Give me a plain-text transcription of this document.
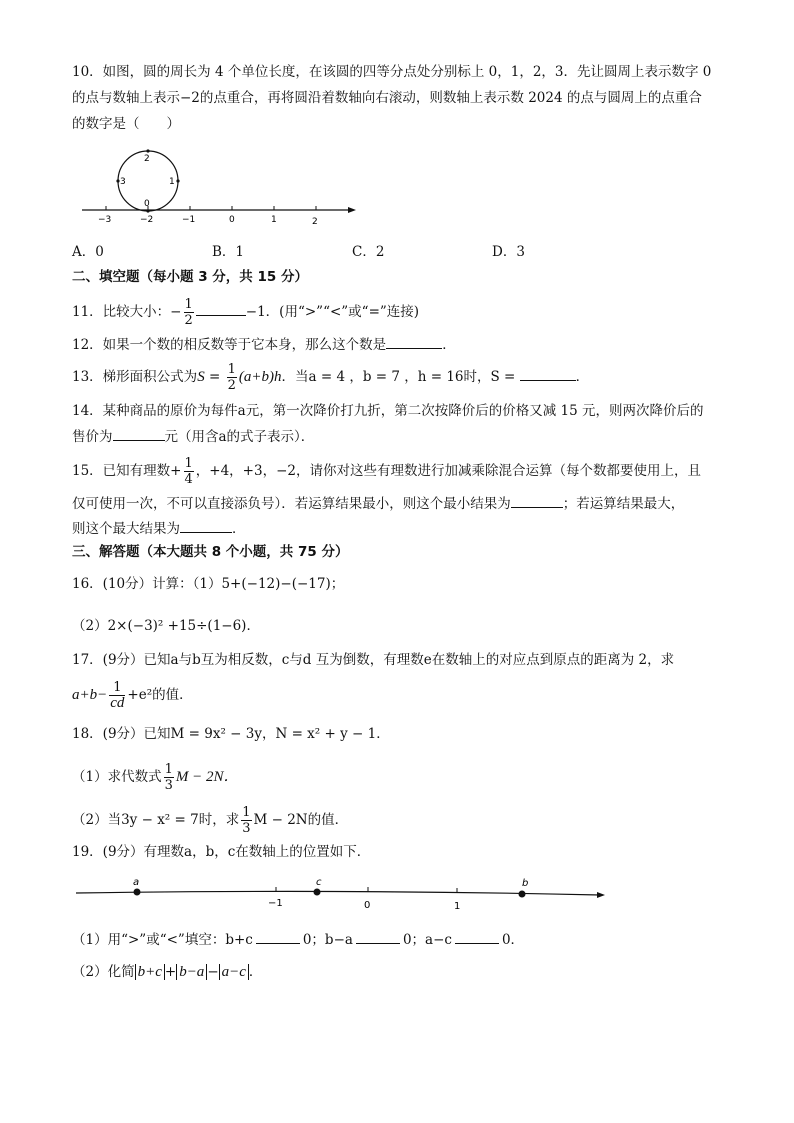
10．如图，圆的周长为 4 个单位长度，在该圆的四等分点处分别标上 0，1，2，3．先让圆周上表示数字 0
的点与数轴上表示−2的点重合，再将圆沿着数轴向右滚动，则数轴上表示数 2024 的点与圆周上的点重合
的数字是（　　）
2
3	1
0
−3	−2	−1	0	1	2
A．0	B．1	C．2	D．3
二、填空题（每小题 3 分，共 15 分）
11．比较大小：− $\frac{1}{2}$	−1．(用“>”“<”或“=”连接)
12．如果一个数的相反数等于它本身，那么这个数是	．
13．梯形面积公式为$S = \frac{1}{2} (a+b)h$．当a = 4 ，b = 7 ，h = 16时，S =	．
14．某种商品的原价为每件a元，第一次降价打九折，第二次按降价后的价格又减 15 元，则两次降价后的
售价为	元（用含a的式子表示）．
15．已知有理数+ $\frac{1}{4}$ ，+4，+3，−2，请你对这些有理数进行加减乘除混合运算（每个数都要使用上，且
仅可使用一次，不可以直接添负号）．若运算结果最小，则这个最小结果为	；若运算结果最大，
则这个最大结果为	．
三、解答题（本大题共 8 个小题，共 75 分）
16．(10分）计算：（1）5+(−12)−(−17)；
（2）2×(−3)² +15÷(1−6)．
17．(9分）已知a与b互为相反数，c与d 互为倒数，有理数e在数轴上的对应点到原点的距离为 2，求
$a+b- \frac{1}{cd} +e^2$的值．
18．(9分）已知M = 9x² − 3y，N = x² + y − 1．
（1）求代数式 $\frac{1}{3}$ M − 2N．
（2）当3y − x² = 7时，求 $\frac{1}{3}$ M − 2N的值．
19．(9分）有理数a，b，c在数轴上的位置如下．
a	c	b
−1	0	1
（1）用“>”或“<”填空：b+c	0；b−a	0；a−c	0．
（2）化简 b+c + b−a − a−c ．
